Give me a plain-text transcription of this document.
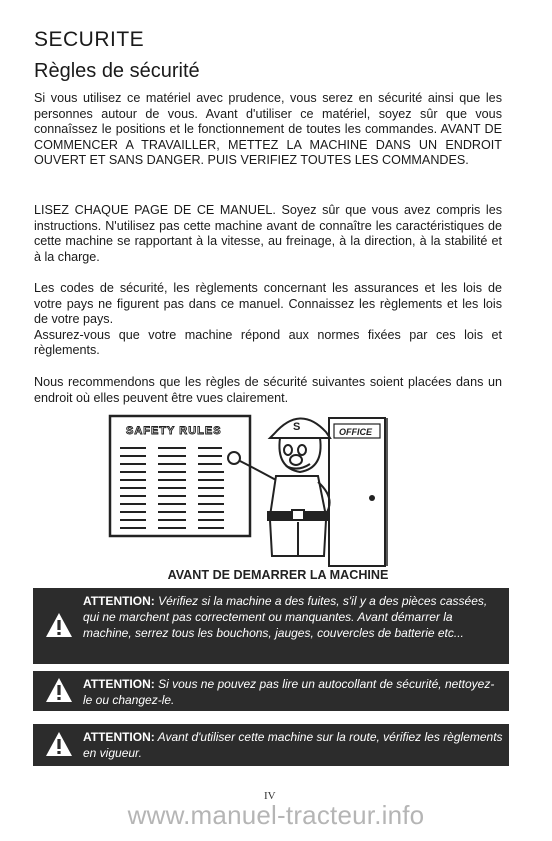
SECURITE
Règles de sécurité

Si vous utilisez ce matériel avec prudence, vous serez en sécurité ainsi que les personnes autour de vous. Avant d'utiliser ce matériel, soyez sûr que vous connaîssez le positions et le fonctionnement de toutes les commandes. AVANT DE COMMENCER A TRAVAILLER, METTEZ LA MACHINE DANS UN ENDROIT OUVERT ET SANS DANGER. PUIS VERIFIEZ TOUTES LES COMMANDES.

LISEZ CHAQUE PAGE DE CE MANUEL. Soyez sûr que vous avez compris les instructions. N'utilisez pas cette machine avant de connaître les caractéristiques de cette machine se rapportant à la vitesse, au freinage, à la direction, à la stabilité et à la charge.

Les codes de sécurité, les règlements concernant les assurances et les lois de votre pays ne figurent pas dans ce manuel. Connaissez les règlements et les lois de votre pays.
Assurez-vous que votre machine répond aux normes fixées par ces lois et règlements.

Nous recommendons que les règles de sécurité suivantes soient placées dans un endroit où elles peuvent être vues clairement.

SAFETY RULES	OFFICE
S
AVANT DE DEMARRER LA MACHINE
ATTENTION: Vérifiez si la machine a des fuites, s'il y a des pièces cassées, qui ne marchent pas correctement ou manquantes. Avant démarrer la machine, serrez tous les bouchons, jauges, couvercles de batterie etc...
ATTENTION: Si vous ne pouvez pas lire un autocollant de sécurité, nettoyez- le ou changez-le.
ATTENTION: Avant d'utiliser cette machine sur la route, vérifiez les règlements en vigueur.
IV
www.manuel-tracteur.info
